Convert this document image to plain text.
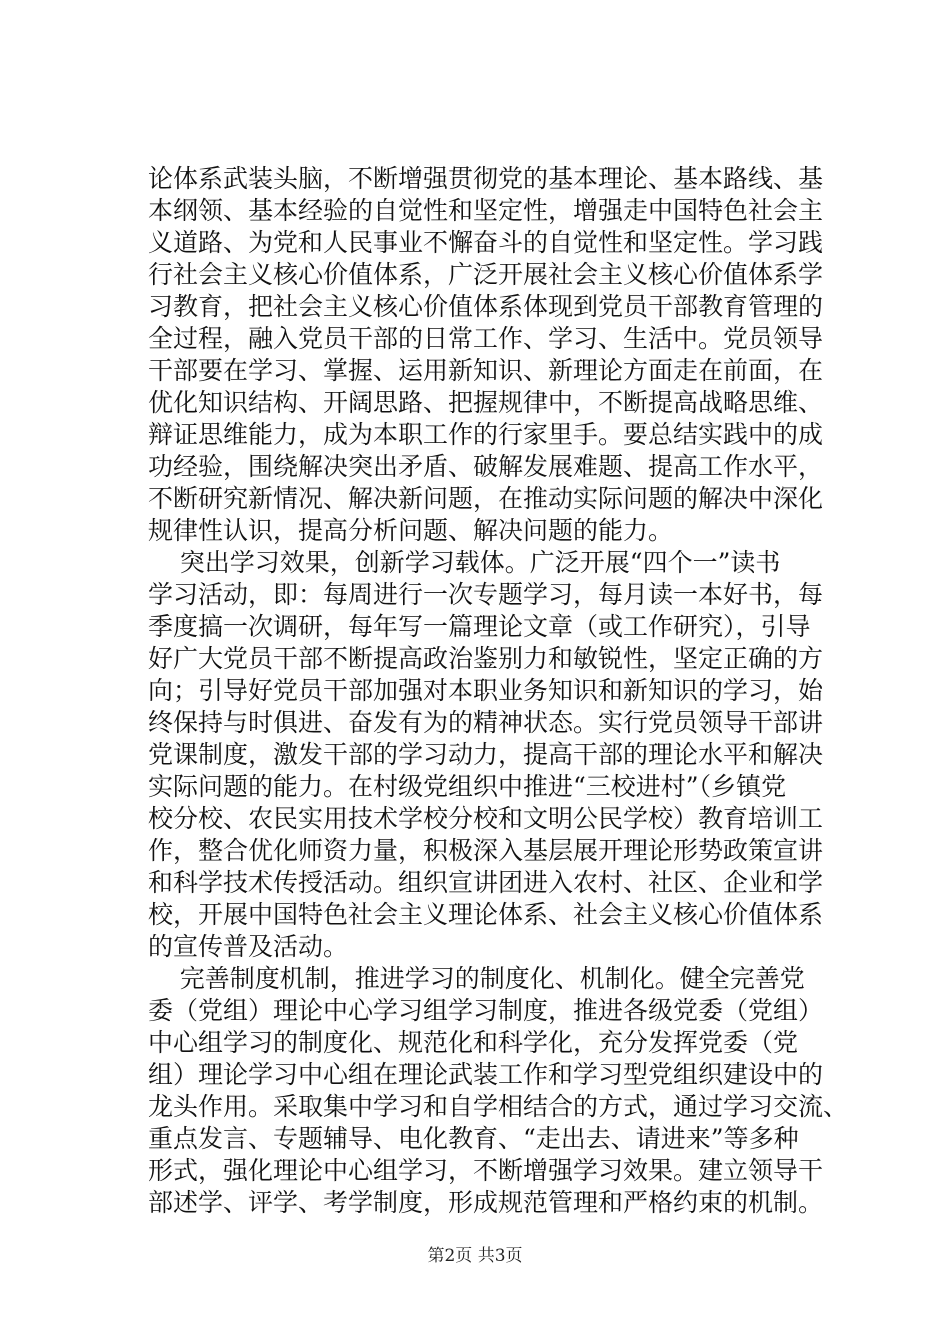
论体系武装头脑，不断增强贯彻党的基本理论、基本路线、基
本纲领、基本经验的自觉性和坚定性，增强走中国特色社会主
义道路、为党和人民事业不懈奋斗的自觉性和坚定性。学习践
行社会主义核心价值体系，广泛开展社会主义核心价值体系学
习教育，把社会主义核心价值体系体现到党员干部教育管理的
全过程，融入党员干部的日常工作、学习、生活中。党员领导
干部要在学习、掌握、运用新知识、新理论方面走在前面，在
优化知识结构、开阔思路、把握规律中，不断提高战略思维、
辩证思维能力，成为本职工作的行家里手。要总结实践中的成
功经验，围绕解决突出矛盾、破解发展难题、提高工作水平，
不断研究新情况、解决新问题，在推动实际问题的解决中深化
规律性认识，提高分析问题、解决问题的能力。
突出学习效果，创新学习载体。广泛开展“四个一”读书
学习活动，即：每周进行一次专题学习，每月读一本好书，每
季度搞一次调研，每年写一篇理论文章（或工作研究），引导
好广大党员干部不断提高政治鉴别力和敏锐性，坚定正确的方
向；引导好党员干部加强对本职业务知识和新知识的学习，始
终保持与时俱进、奋发有为的精神状态。实行党员领导干部讲
党课制度，激发干部的学习动力，提高干部的理论水平和解决
实际问题的能力。在村级党组织中推进“三校进村”（乡镇党
校分校、农民实用技术学校分校和文明公民学校）教育培训工
作，整合优化师资力量，积极深入基层展开理论形势政策宣讲
和科学技术传授活动。组织宣讲团进入农村、社区、企业和学
校，开展中国特色社会主义理论体系、社会主义核心价值体系
的宣传普及活动。
完善制度机制，推进学习的制度化、机制化。健全完善党
委（党组）理论中心学习组学习制度，推进各级党委（党组）
中心组学习的制度化、规范化和科学化，充分发挥党委（党
组）理论学习中心组在理论武装工作和学习型党组织建设中的
龙头作用。采取集中学习和自学相结合的方式，通过学习交流、
重点发言、专题辅导、电化教育、“走出去、请进来”等多种
形式，强化理论中心组学习，不断增强学习效果。建立领导干
部述学、评学、考学制度，形成规范管理和严格约束的机制。
第2页 共3页
